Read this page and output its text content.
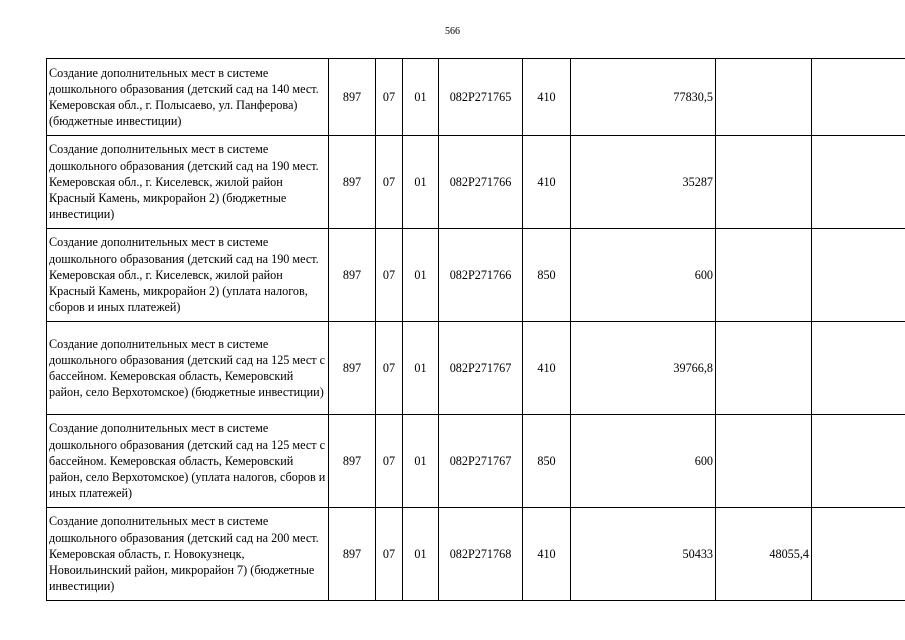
566
Создание дополнительных мест в системе дошкольного образования (детский сад на 140 мест. Кемеровская обл., г. Полысаево, ул. Панферова) (бюджетные инвестиции)	897	07	01	082P271765	410	77830,5		
Создание дополнительных мест в системе дошкольного образования (детский сад на 190 мест. Кемеровская обл., г. Киселевск, жилой район Красный Камень, микрорайон 2) (бюджетные инвестиции)	897	07	01	082P271766	410	35287		
Создание дополнительных мест в системе дошкольного образования (детский сад на 190 мест. Кемеровская обл., г. Киселевск, жилой район Красный Камень, микрорайон 2) (уплата налогов, сборов и иных платежей)	897	07	01	082P271766	850	600		
Создание дополнительных мест в системе дошкольного образования (детский сад на 125 мест с бассейном. Кемеровская область, Кемеровский район, село Верхотомское) (бюджетные инвестиции)	897	07	01	082P271767	410	39766,8		
Создание дополнительных мест в системе дошкольного образования (детский сад на 125 мест с бассейном. Кемеровская область, Кемеровский район, село Верхотомское) (уплата налогов, сборов и иных платежей)	897	07	01	082P271767	850	600		
Создание дополнительных мест в системе дошкольного образования (детский сад на 200 мест. Кемеровская область, г. Новокузнецк, Новоильинский район, микрорайон 7) (бюджетные инвестиции)	897	07	01	082P271768	410	50433	48055,4	
